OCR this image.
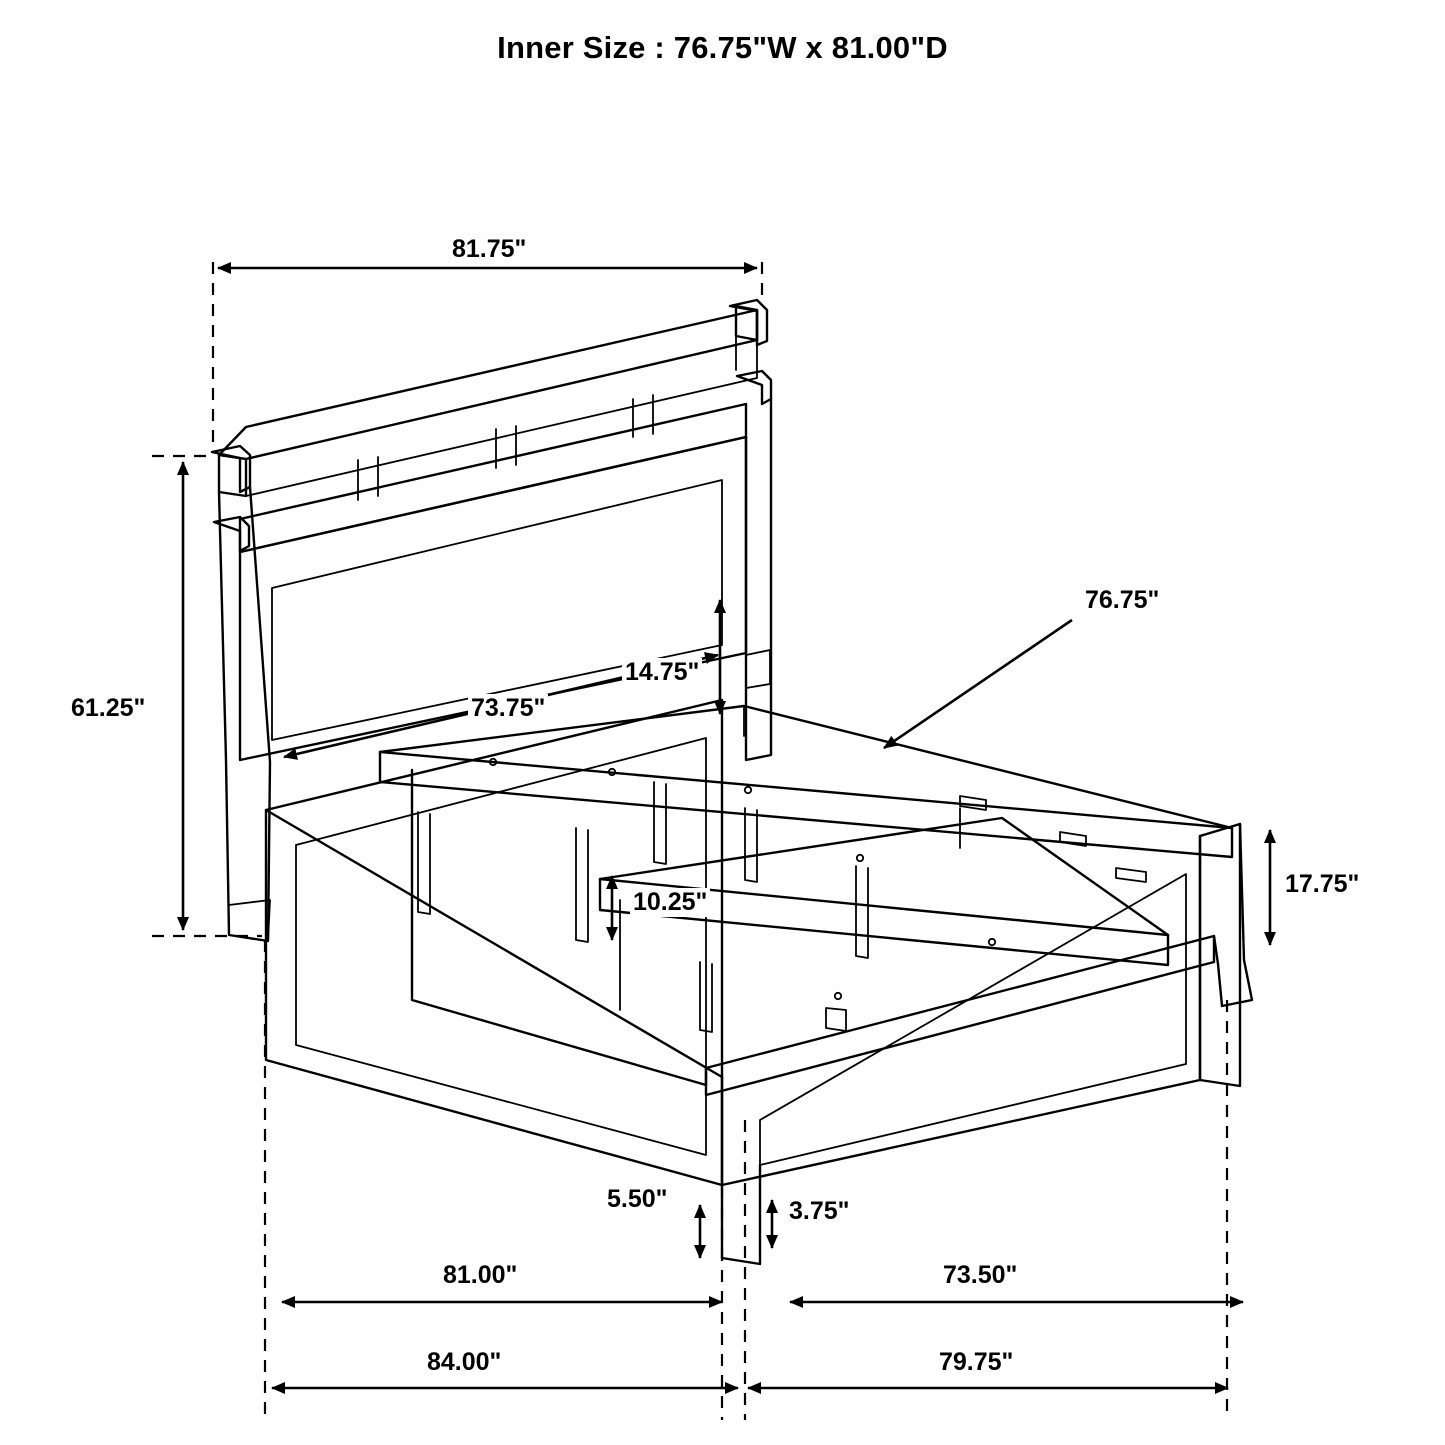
Inner Size : 76.75"W x 81.00"D
81.75"
61.25"	73.75"
14.75"
76.75"
17.75"
10.25"
5.50"	3.75"
81.00"	73.50"
84.00"	79.75"
